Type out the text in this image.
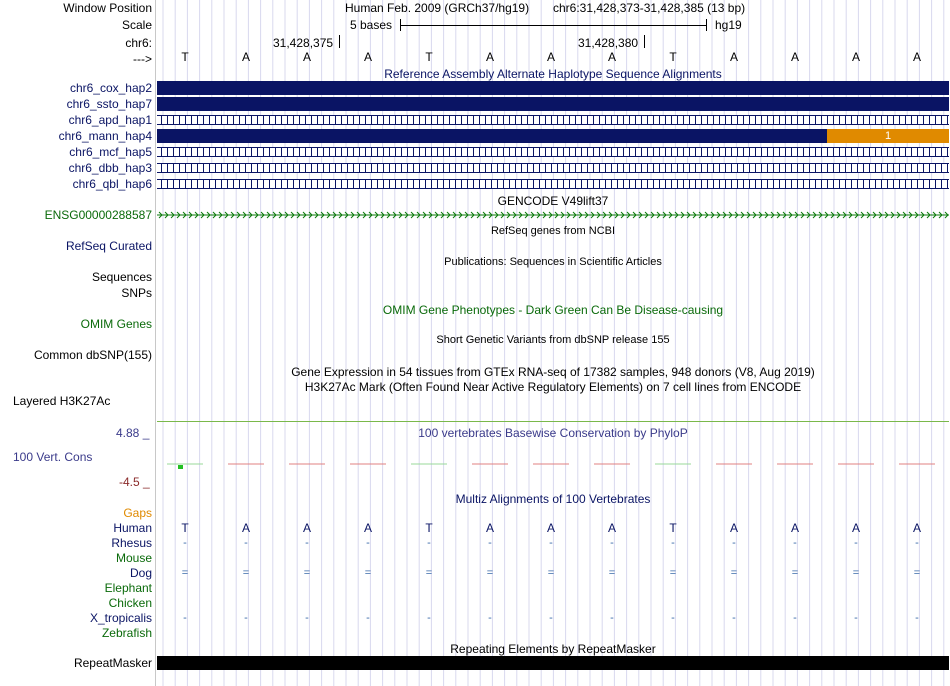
Window Position	Human Feb. 2009 (GRCh37/hg19) chr6:31,428,373-31,428,385 (13 bp)
Scale	5 bases	hg19
chr6:	31,428,375	31,428,380
--->	T	A	A	A	T	A	A	A	T	A	A	A	A
Reference Assembly Alternate Haplotype Sequence Alignments
chr6_cox_hap2
chr6_ssto_hap7
chr6_apd_hap1
chr6_mann_hap4	1
chr6_mcf_hap5
chr6_dbb_hap3
chr6_qbl_hap6
GENCODE V49lift37
ENSG00000288587
RefSeq genes from NCBI
RefSeq Curated
Publications: Sequences in Scientific Articles
Sequences
SNPs
OMIM Gene Phenotypes - Dark Green Can Be Disease-causing
OMIM Genes
Short Genetic Variants from dbSNP release 155
Common dbSNP(155)
Gene Expression in 54 tissues from GTEx RNA-seq of 17382 samples, 948 donors (V8, Aug 2019)
H3K27Ac Mark (Often Found Near Active Regulatory Elements) on 7 cell lines from ENCODE
Layered H3K27Ac
100 vertebrates Basewise Conservation by PhyloP
4.88 _
100 Vert. Cons
-4.5 _
Multiz Alignments of 100 Vertebrates
Gaps
Human	T	A	A	A	T	A	A	A	T	A	A	A	A
Rhesus	-	-	-	-	-	-	-	-	-	-	-	-	-
Mouse
Dog	=	=	=	=	=	=	=	=	=	=	=	=	=
Elephant
Chicken
X_tropicalis	-	-	-	-	-	-	-	-	-	-	-	-	-
Zebrafish
Repeating Elements by RepeatMasker
RepeatMasker
